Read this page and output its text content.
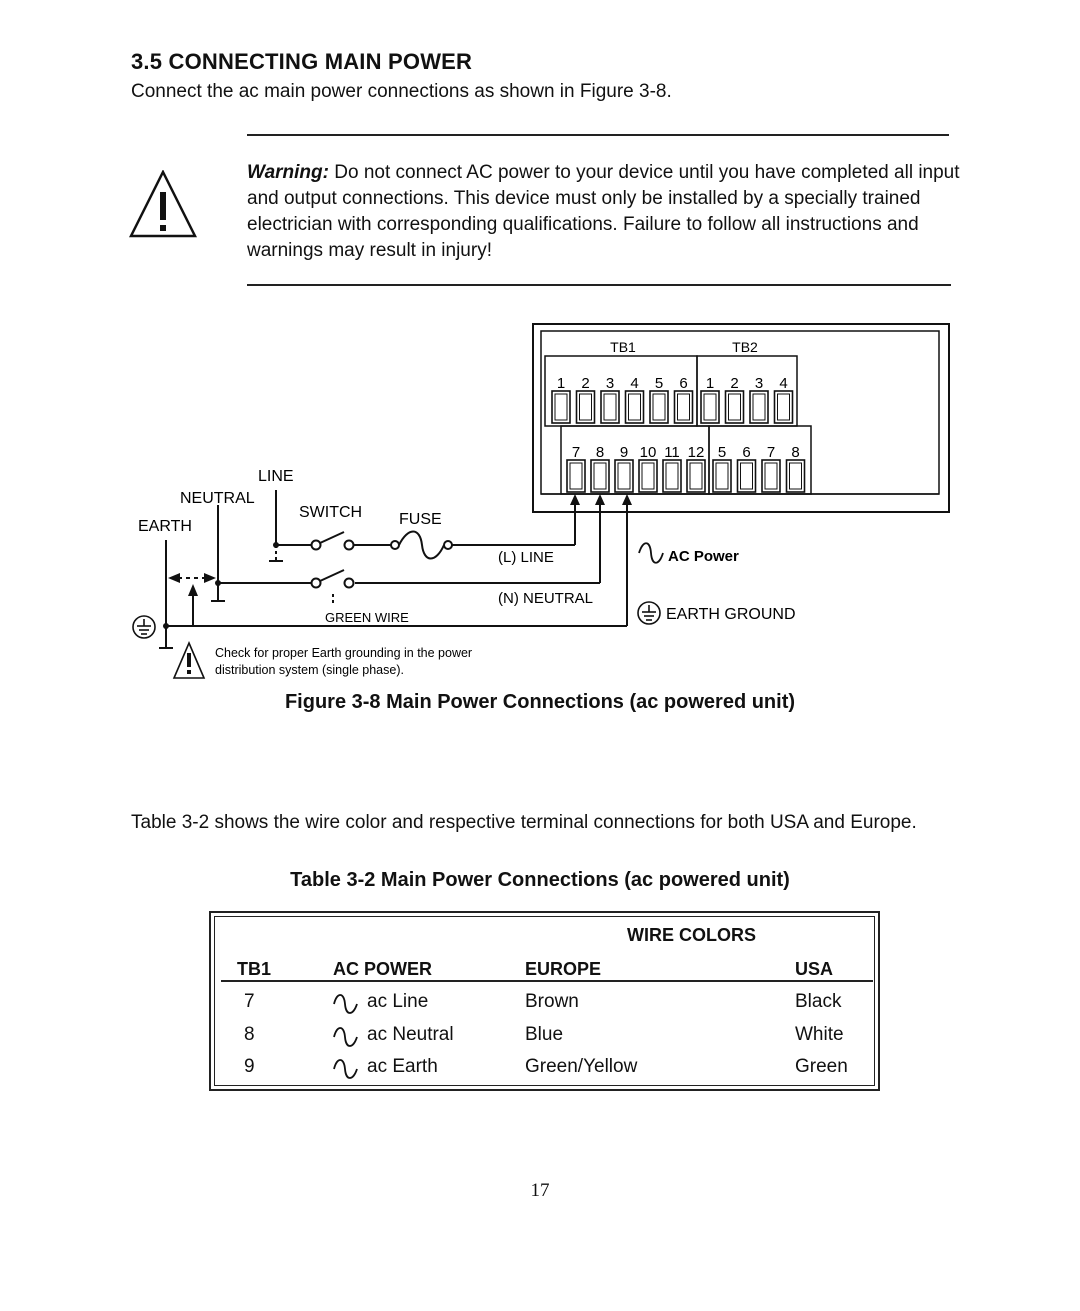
3.5 CONNECTING MAIN POWER
Connect the ac main power connections as shown in Figure 3-8.
Warning: Do not connect AC power to your device until you have completed all input and output connections. This device must only be installed by a specially trained electrician with corresponding qualifications. Failure to follow all instructions and warnings may result in injury!
TB1	TB2
1 2 3 4 5 6 1 2 3 4
7 8 9 10 11 12 5 6 7 8
LINE
NEUTRAL
EARTH
SWITCH FUSE
(L) LINE
(N) NEUTRAL
GREEN WIRE
AC Power
EARTH GROUND
Check for proper Earth grounding in the power
distribution system (single phase).
Figure 3-8 Main Power Connections (ac powered unit)
Table 3-2 shows the wire color and respective terminal connections for both USA and Europe.
Table 3-2 Main Power Connections (ac powered unit)
WIRE COLORS
TB1	AC POWER	EUROPE	USA
7	ac Line	Brown	Black
8	ac Neutral	Blue	White
9	ac Earth	Green/Yellow	Green
17
